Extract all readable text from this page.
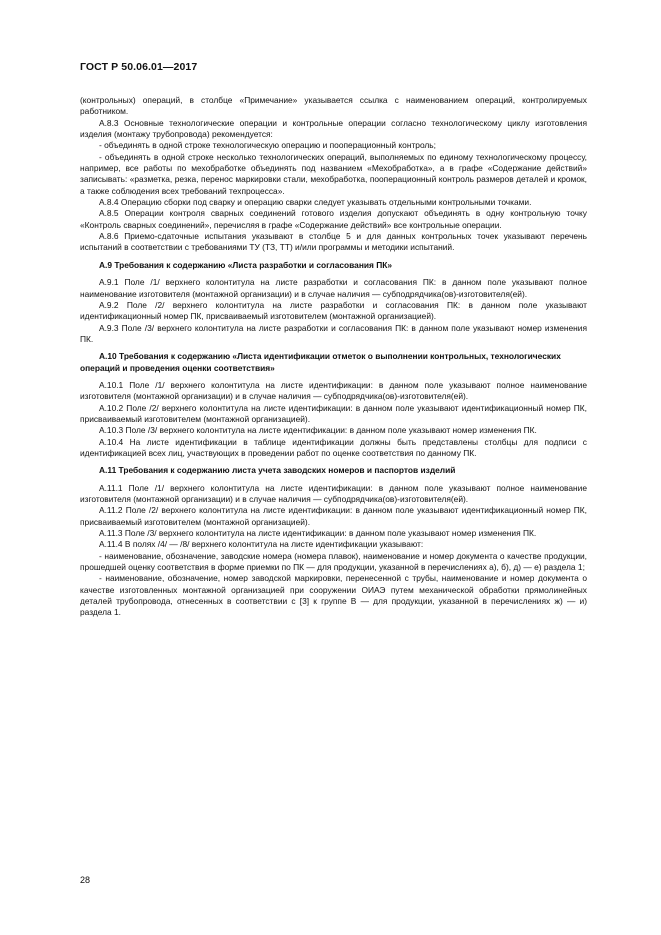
ГОСТ Р 50.06.01—2017

(контрольных) операций, в столбце «Примечание» указывается ссылка с наименованием операций, контролируемых работником.

А.8.3 Основные технологические операции и контрольные операции согласно технологическому циклу изготовления изделия (монтажу трубопровода) рекомендуется:

- объединять в одной строке технологическую операцию и пооперационный контроль;

- объединять в одной строке несколько технологических операций, выполняемых по единому технологическому процессу, например, все работы по мехобработке объединять под названием «Мехобработка», а в графе «Содержание действий» записывать: «разметка, резка, перенос маркировки стали, мехобработка, пооперационный контроль размеров деталей и кромок, а также соблюдения всех требований техпроцесса».

А.8.4 Операцию сборки под сварку и операцию сварки следует указывать отдельными контрольными точками.

А.8.5 Операции контроля сварных соединений готового изделия допускают объединять в одну контрольную точку «Контроль сварных соединений», перечисляя в графе «Содержание действий» все контрольные операции.

А.8.6 Приемо-сдаточные испытания указывают в столбце 5 и для данных контрольных точек указывают перечень испытаний в соответствии с требованиями ТУ (ТЗ, ТТ) и/или программы и методики испытаний.

А.9 Требования к содержанию «Листа разработки и согласования ПК»

А.9.1 Поле /1/ верхнего колонтитула на листе разработки и согласования ПК: в данном поле указывают полное наименование изготовителя (монтажной организации) и в случае наличия — субподрядчика(ов)-изготовителя(ей).

А.9.2 Поле /2/ верхнего колонтитула на листе разработки и согласования ПК: в данном поле указывают идентификационный номер ПК, присваиваемый изготовителем (монтажной организацией).

А.9.3 Поле /3/ верхнего колонтитула на листе разработки и согласования ПК: в данном поле указывают номер изменения ПК.

А.10 Требования к содержанию «Листа идентификации отметок о выполнении контрольных, технологических операций и проведения оценки соответствия»

А.10.1 Поле /1/ верхнего колонтитула на листе идентификации: в данном поле указывают полное наименование изготовителя (монтажной организации) и в случае наличия — субподрядчика(ов)-изготовителя(ей).

А.10.2 Поле /2/ верхнего колонтитула на листе идентификации: в данном поле указывают идентификационный номер ПК, присваиваемый изготовителем (монтажной организацией).

А.10.3 Поле /3/ верхнего колонтитула на листе идентификации: в данном поле указывают номер изменения ПК.

А.10.4 На листе идентификации в таблице идентификации должны быть представлены столбцы для подписи с идентификацией всех лиц, участвующих в проведении работ по оценке соответствия по данному ПК.

А.11 Требования к содержанию листа учета заводских номеров и паспортов изделий

А.11.1 Поле /1/ верхнего колонтитула на листе идентификации: в данном поле указывают полное наименование изготовителя (монтажной организации) и в случае наличия — субподрядчика(ов)-изготовителя(ей).

А.11.2 Поле /2/ верхнего колонтитула на листе идентификации: в данном поле указывают идентификационный номер ПК, присваиваемый изготовителем (монтажной организацией).

А.11.3 Поле /3/ верхнего колонтитула на листе идентификации: в данном поле указывают номер изменения ПК.

А.11.4 В полях /4/ — /8/ верхнего колонтитула на листе идентификации указывают:

- наименование, обозначение, заводские номера (номера плавок), наименование и номер документа о качестве продукции, прошедшей оценку соответствия в форме приемки по ПК — для продукции, указанной в перечислениях а), б), д) — е) раздела 1;

- наименование, обозначение, номер заводской маркировки, перенесенной с трубы, наименование и номер документа о качестве изготовленных монтажной организацией при сооружении ОИАЭ путем механической обработки прямолинейных деталей трубопровода, отнесенных в соответствии с [3] к группе В — для продукции, указанной в перечислениях ж) — и) раздела 1.

28
